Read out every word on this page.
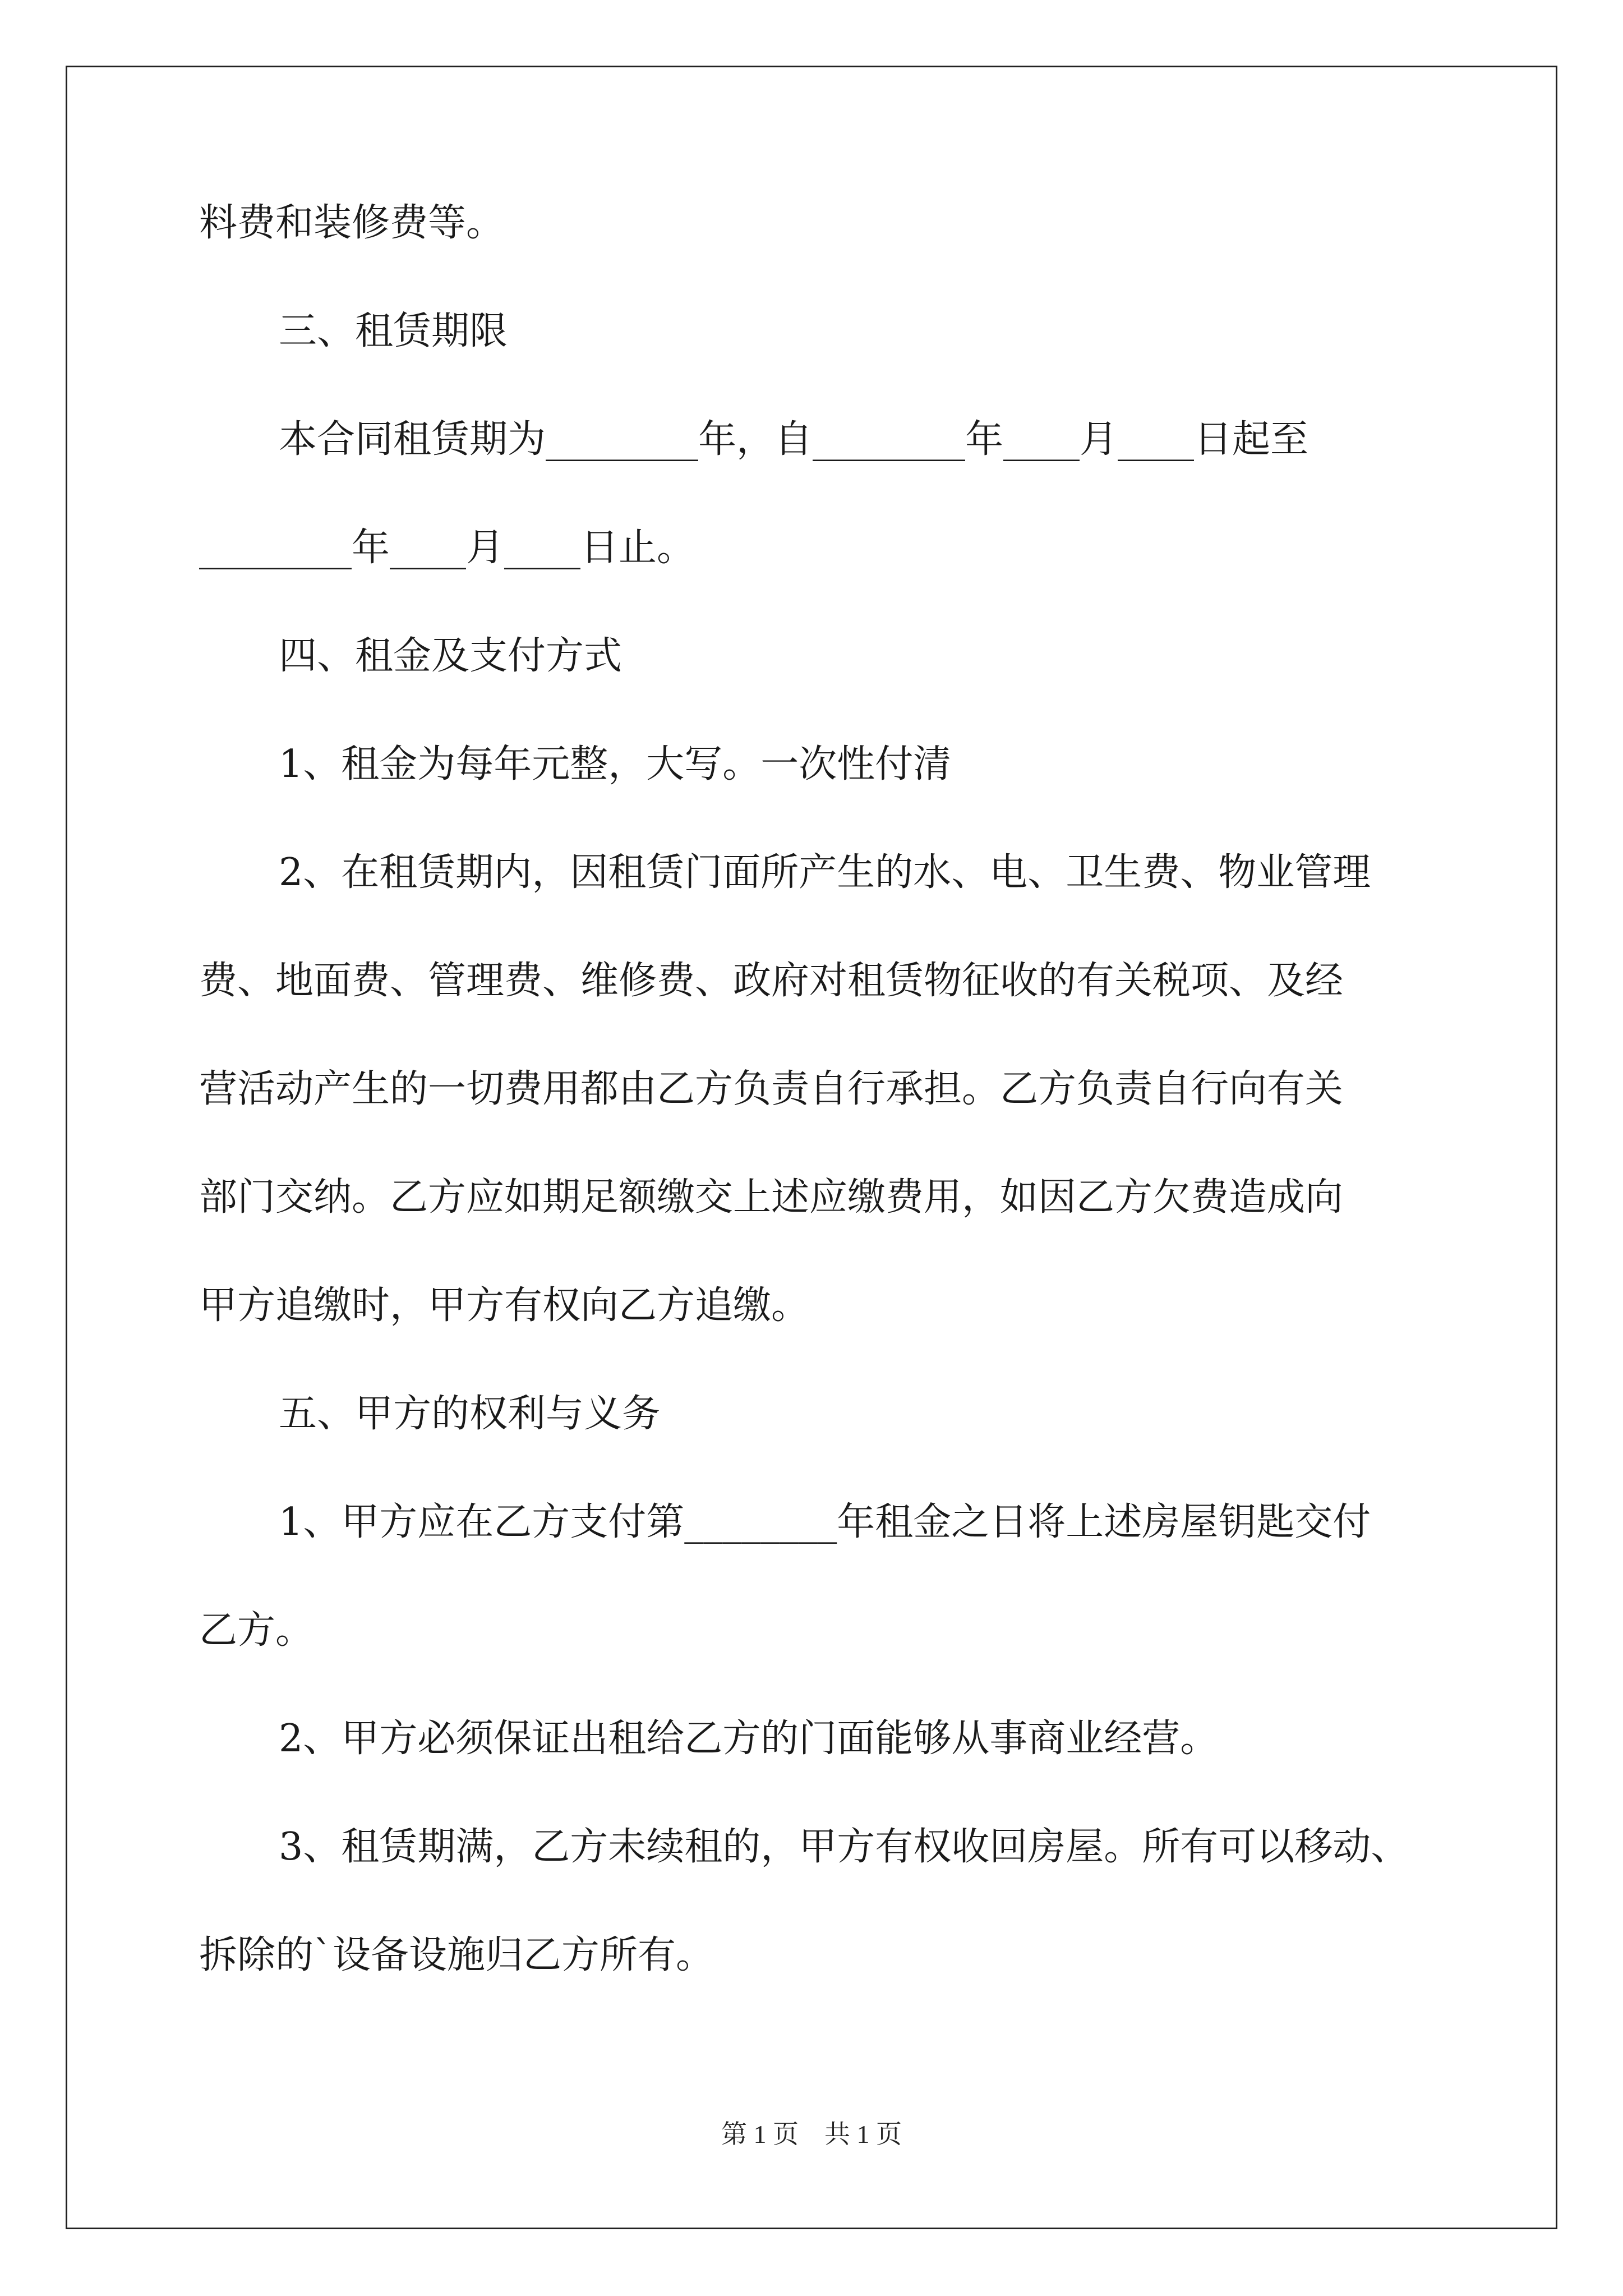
料费和装修费等。
三、租赁期限
本合同租赁期为________年，自________年____月____日起至
________年____月____日止。
四、租金及支付方式
1、租金为每年元整，大写。一次性付清
2、在租赁期内，因租赁门面所产生的水、电、卫生费、物业管理
费、地面费、管理费、维修费、政府对租赁物征收的有关税项、及经
营活动产生的一切费用都由乙方负责自行承担。乙方负责自行向有关
部门交纳。乙方应如期足额缴交上述应缴费用，如因乙方欠费造成向
甲方追缴时，甲方有权向乙方追缴。
五、甲方的权利与义务
1、甲方应在乙方支付第________年租金之日将上述房屋钥匙交付
乙方。
2、甲方必须保证出租给乙方的门面能够从事商业经营。
3、租赁期满，乙方未续租的，甲方有权收回房屋。所有可以移动、
拆除的`设备设施归乙方所有。
第 1 页　共 1 页
